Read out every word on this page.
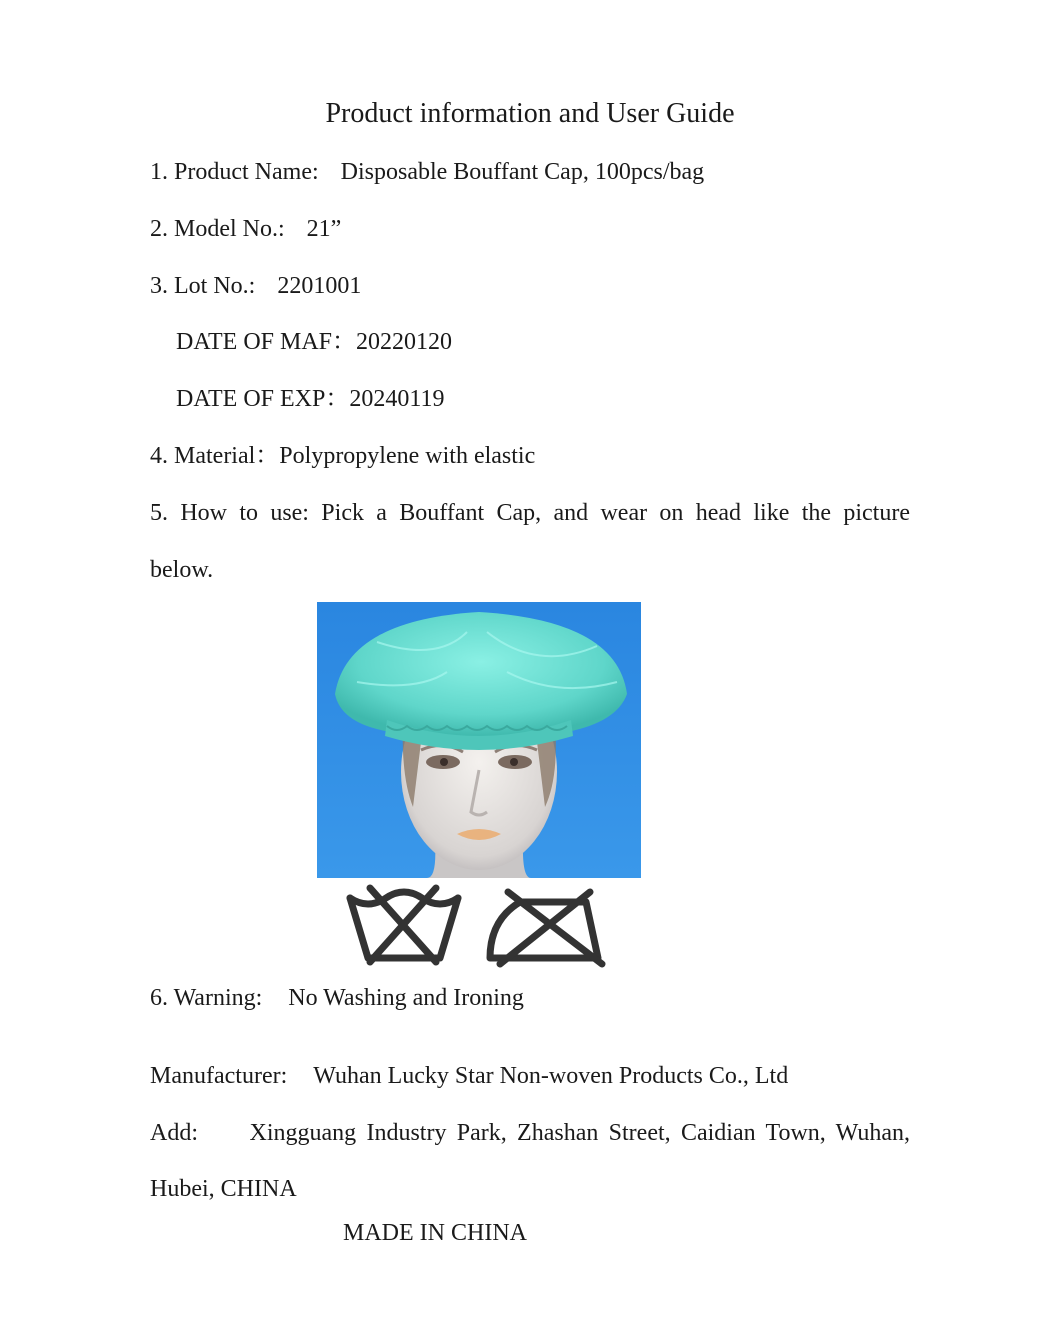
Product information and User Guide
1. Product Name: Disposable Bouffant Cap, 100pcs/bag
2. Model No.: 21”
3. Lot No.: 2201001
DATE OF MAF：20220120
DATE OF EXP：20240119
4. Material：Polypropylene with elastic
5. How to use: Pick a Bouffant Cap, and wear on head like the picture
below.
6. Warning: No Washing and Ironing
Manufacturer: Wuhan Lucky Star Non-woven Products Co., Ltd
Add: Xingguang Industry Park, Zhashan Street, Caidian Town, Wuhan,
Hubei, CHINA
MADE IN CHINA
